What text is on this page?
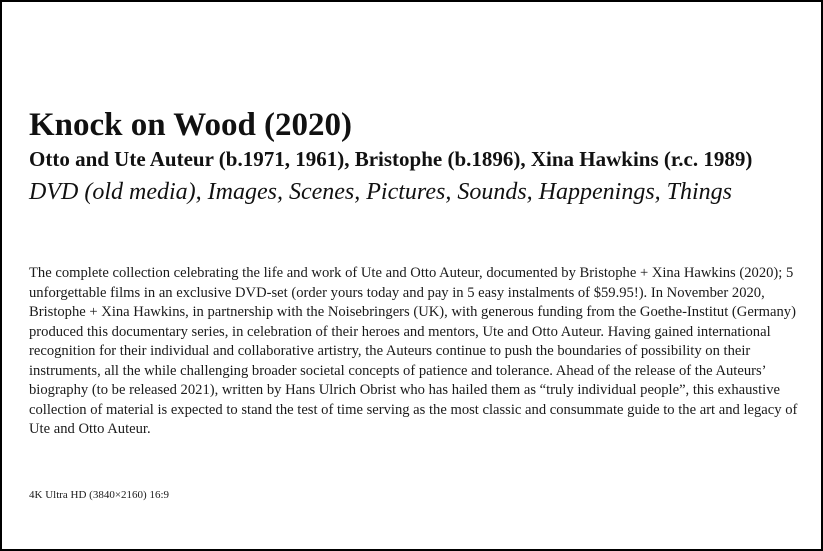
Knock on Wood (2020)
Otto and Ute Auteur (b.1971, 1961), Bristophe (b.1896), Xina Hawkins (r.c. 1989)

DVD (old media), Images, Scenes, Pictures, Sounds, Happenings, Things

The complete collection celebrating the life and work of Ute and Otto Auteur, documented by Bristophe + Xina Hawkins (2020); 5 unforgettable films in an exclusive DVD-set (order yours today and pay in 5 easy instalments of $59.95!). In November 2020, Bristophe + Xina Hawkins, in partnership with the Noisebringers (UK), with generous funding from the Goethe-Institut (Germany) produced this documentary series, in celebration of their heroes and mentors, Ute and Otto Auteur. Having gained international recognition for their individual and collaborative artistry, the Auteurs continue to push the boundaries of possibility on their instruments, all the while challenging broader societal concepts of patience and tolerance. Ahead of the release of the Auteurs’ biography (to be released 2021), written by Hans Ulrich Obrist who has hailed them as “truly individual people”, this exhaustive collection of material is expected to stand the test of time serving as the most classic and consummate guide to the art and legacy of Ute and Otto Auteur.

4K Ultra HD (3840×2160) 16:9
